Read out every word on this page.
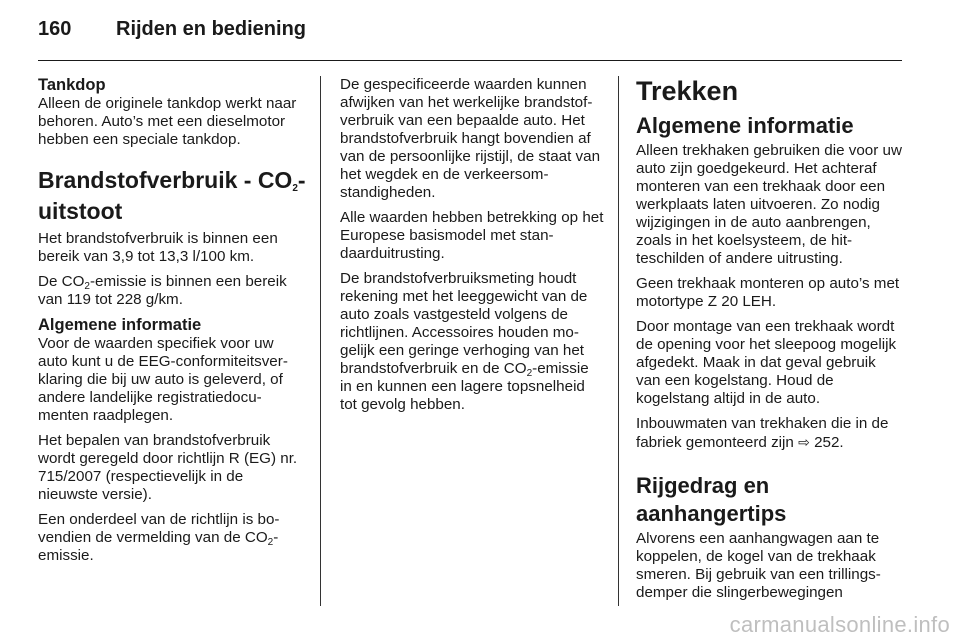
160	Rijden en bediening
Tankdop

Alleen de originele tankdop werkt naar behoren. Auto’s met een dieselmotor hebben een speciale tankdop.

Brandstofverbruik - $CO_2$-uitstoot

Het brandstofverbruik is binnen een bereik van 3,9 tot 13,3 l/100 km.

De $CO_2$-emissie is binnen een bereik van 119 tot 228 g/km.

Algemene informatie

Voor de waarden specifiek voor uw auto kunt u de EEG-conformiteitsverklaring die bij uw auto is geleverd, of andere landelijke registratiedocumenten raadplegen.

Het bepalen van brandstofverbruik wordt geregeld door richtlijn R (EG) nr. 715/2007 (respectievelijk in de nieuwste versie).

Een onderdeel van de richtlijn is bovendien de vermelding van de $CO_2$-emissie.

De gespecificeerde waarden kunnen afwijken van het werkelijke brandstofverbruik van een bepaalde auto. Het brandstofverbruik hangt bovendien af van de persoonlijke rijstijl, de staat van het wegdek en de verkeersomstandigheden.

Alle waarden hebben betrekking op het Europese basismodel met standaarduitrusting.

De brandstofverbruiksmeting houdt rekening met het leeggewicht van de auto zoals vastgesteld volgens de richtlijnen. Accessoires houden mogelijk een geringe verhoging van het brandstofverbruik en de $CO_2$-emissie in en kunnen een lagere topsnelheid tot gevolg hebben.

Trekken
Algemene informatie

Alleen trekhaken gebruiken die voor uw auto zijn goedgekeurd. Het achteraf monteren van een trekhaak door een werkplaats laten uitvoeren. Zo nodig wijzigingen in de auto aanbrengen, zoals in het koelsysteem, de hitteschilden of andere uitrusting.

Geen trekhaak monteren op auto’s met motortype Z 20 LEH.

Door montage van een trekhaak wordt de opening voor het sleepoog mogelijk afgedekt. Maak in dat geval gebruik van een kogelstang. Houd de kogelstang altijd in de auto.

Inbouwmaten van trekhaken die in de fabriek gemonteerd zijn ⇨ 252.

Rijgedrag en aanhangertips

Alvorens een aanhangwagen aan te koppelen, de kogel van de trekhaak smeren. Bij gebruik van een trillingsdemper die slingerbewegingen

carmanualsonline.info
